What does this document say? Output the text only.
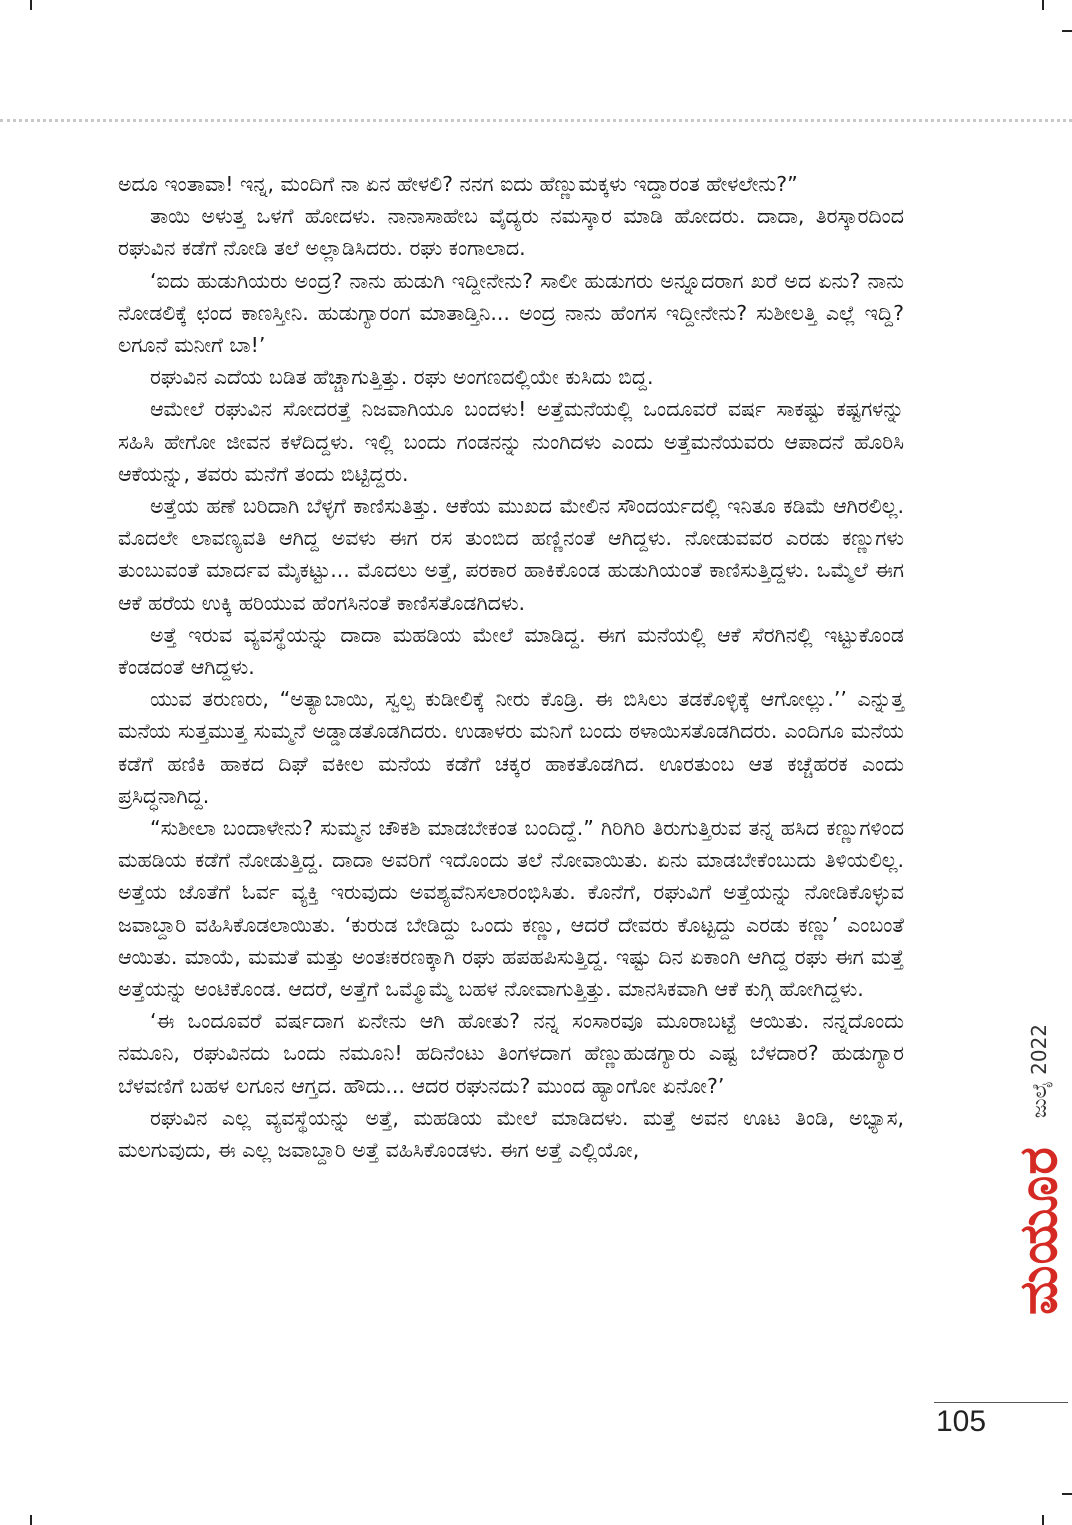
ಅದೂ ಇಂತಾವಾ! ಇನ್ನ, ಮಂದಿಗೆ ನಾ ಏನ ಹೇಳಲಿ? ನನಗ ಐದು ಹೆಣ್ಣುಮಕ್ಕಳು ಇದ್ದಾರಂತ ಹೇಳಲೇನು?”

ತಾಯಿ ಅಳುತ್ತ ಒಳಗೆ ಹೋದಳು. ನಾನಾಸಾಹೇಬ ವೈದ್ಯರು ನಮಸ್ಕಾರ ಮಾಡಿ ಹೋದರು. ದಾದಾ, ತಿರಸ್ಕಾರದಿಂದ ರಘುವಿನ ಕಡೆಗೆ ನೋಡಿ ತಲೆ ಅಲ್ಲಾಡಿಸಿದರು. ರಘು ಕಂಗಾಲಾದ.

‘ಐದು ಹುಡುಗಿಯರು ಅಂದ್ರ? ನಾನು ಹುಡುಗಿ ಇದ್ದೀನೇನು? ಸಾಲೀ ಹುಡುಗರು ಅನ್ನೂದರಾಗ ಖರೆ ಅದ ಏನು? ನಾನು ನೋಡಲಿಕ್ಕೆ ಛಂದ ಕಾಣಸ್ತೀನಿ. ಹುಡುಗ್ಯಾರಂಗ ಮಾತಾಡ್ತಿನಿ... ಅಂದ್ರ ನಾನು ಹೆಂಗಸ ಇದ್ದೀನೇನು? ಸುಶೀಲತ್ತಿ ಎಲ್ಲೆ ಇದ್ದಿ? ಲಗೂನೆ ಮನೀಗೆ ಬಾ!’

ರಘುವಿನ ಎದೆಯ ಬಡಿತ ಹೆಚ್ಚಾಗುತ್ತಿತ್ತು. ರಘು ಅಂಗಣದಲ್ಲಿಯೇ ಕುಸಿದು ಬಿದ್ದ.

ಆಮೇಲೆ ರಘುವಿನ ಸೋದರತ್ತೆ ನಿಜವಾಗಿಯೂ ಬಂದಳು! ಅತ್ತೆಮನೆಯಲ್ಲಿ ಒಂದೂವರೆ ವರ್ಷ ಸಾಕಷ್ಟು ಕಷ್ಟಗಳನ್ನು ಸಹಿಸಿ ಹೇಗೋ ಜೀವನ ಕಳೆದಿದ್ದಳು. ಇಲ್ಲಿ ಬಂದು ಗಂಡನನ್ನು ನುಂಗಿದಳು ಎಂದು ಅತ್ತೆಮನೆಯವರು ಆಪಾದನೆ ಹೊರಿಸಿ ಆಕೆಯನ್ನು, ತವರು ಮನೆಗೆ ತಂದು ಬಿಟ್ಟಿದ್ದರು.

ಅತ್ತೆಯ ಹಣೆ ಬರಿದಾಗಿ ಬೆಳ್ಳಗೆ ಕಾಣಿಸುತಿತ್ತು. ಆಕೆಯ ಮುಖದ ಮೇಲಿನ ಸೌಂದರ್ಯದಲ್ಲಿ ಇನಿತೂ ಕಡಿಮೆ ಆಗಿರಲಿಲ್ಲ. ಮೊದಲೇ ಲಾವಣ್ಯವತಿ ಆಗಿದ್ದ ಅವಳು ಈಗ ರಸ ತುಂಬಿದ ಹಣ್ಣಿನಂತೆ ಆಗಿದ್ದಳು. ನೋಡುವವರ ಎರಡು ಕಣ್ಣುಗಳು ತುಂಬುವಂತೆ ಮಾರ್ದವ ಮೈಕಟ್ಟು... ಮೊದಲು ಅತ್ತೆ, ಪರಕಾರ ಹಾಕಿಕೊಂಡ ಹುಡುಗಿಯಂತೆ ಕಾಣಿಸುತ್ತಿದ್ದಳು. ಒಮ್ಮೆಲೆ ಈಗ ಆಕೆ ಹರೆಯ ಉಕ್ಕಿ ಹರಿಯುವ ಹೆಂಗಸಿನಂತೆ ಕಾಣಿಸತೊಡಗಿದಳು.

ಅತ್ತೆ ಇರುವ ವ್ಯವಸ್ಥೆಯನ್ನು ದಾದಾ ಮಹಡಿಯ ಮೇಲೆ ಮಾಡಿದ್ದ. ಈಗ ಮನೆಯಲ್ಲಿ ಆಕೆ ಸೆರಗಿನಲ್ಲಿ ಇಟ್ಟುಕೊಂಡ ಕೆಂಡದಂತೆ ಆಗಿದ್ದಳು.

ಯುವ ತರುಣರು, “ಅತ್ಯಾಬಾಯಿ, ಸ್ವಲ್ಪ ಕುಡೀಲಿಕ್ಕೆ ನೀರು ಕೊಡ್ರಿ. ಈ ಬಿಸಿಲು ತಡಕೊಳ್ಳಿಕ್ಕೆ ಆಗೋಲ್ಲು.’’ ಎನ್ನುತ್ತ ಮನೆಯ ಸುತ್ತಮುತ್ತ ಸುಮ್ಮನೆ ಅಡ್ಡಾಡತೊಡಗಿದರು. ಉಡಾಳರು ಮನಿಗೆ ಬಂದು ಠಳಾಯಿಸತೊಡಗಿದರು. ಎಂದಿಗೂ ಮನೆಯ ಕಡೆಗೆ ಹಣಿಕಿ ಹಾಕದ ದಿಘೆ ವಕೀಲ ಮನೆಯ ಕಡೆಗೆ ಚಕ್ಕರ ಹಾಕತೊಡಗಿದ. ಊರತುಂಬ ಆತ ಕಚ್ಚೆಹರಕ ಎಂದು ಪ್ರಸಿದ್ಧನಾಗಿದ್ದ.

“ಸುಶೀಲಾ ಬಂದಾಳೇನು? ಸುಮ್ಮನ ಚೌಕಶಿ ಮಾಡಬೇಕಂತ ಬಂದಿದ್ದೆ.” ಗಿರಿಗಿರಿ ತಿರುಗುತ್ತಿರುವ ತನ್ನ ಹಸಿದ ಕಣ್ಣುಗಳಿಂದ ಮಹಡಿಯ ಕಡೆಗೆ ನೋಡುತ್ತಿದ್ದ. ದಾದಾ ಅವರಿಗೆ ಇದೊಂದು ತಲೆ ನೋವಾಯಿತು. ಏನು ಮಾಡಬೇಕೆಂಬುದು ತಿಳಿಯಲಿಲ್ಲ. ಅತ್ತೆಯ ಜೊತೆಗೆ ಓರ್ವ ವ್ಯಕ್ತಿ ಇರುವುದು ಅವಶ್ಯವೆನಿಸಲಾರಂಭಿಸಿತು. ಕೊನೆಗೆ, ರಘುವಿಗೆ ಅತ್ತೆಯನ್ನು ನೋಡಿಕೊಳ್ಳುವ ಜವಾಬ್ದಾರಿ ವಹಿಸಿಕೊಡಲಾಯಿತು. ‘ಕುರುಡ ಬೇಡಿದ್ದು ಒಂದು ಕಣ್ಣು, ಆದರೆ ದೇವರು ಕೊಟ್ಟದ್ದು ಎರಡು ಕಣ್ಣು’ ಎಂಬಂತೆ ಆಯಿತು. ಮಾಯೆ, ಮಮತೆ ಮತ್ತು ಅಂತಃಕರಣಕ್ಕಾಗಿ ರಘು ಹಪಹಪಿಸುತ್ತಿದ್ದ. ಇಷ್ಟು ದಿನ ಏಕಾಂಗಿ ಆಗಿದ್ದ ರಘು ಈಗ ಮತ್ತೆ ಅತ್ತೆಯನ್ನು ಅಂಟಿಕೊಂಡ. ಆದರೆ, ಅತ್ತೆಗೆ ಒಮ್ಮೊಮ್ಮೆ ಬಹಳ ನೋವಾಗುತ್ತಿತ್ತು. ಮಾನಸಿಕವಾಗಿ ಆಕೆ ಕುಗ್ಗಿ ಹೋಗಿದ್ದಳು.

‘ಈ ಒಂದೂವರೆ ವರ್ಷದಾಗ ಏನೇನು ಆಗಿ ಹೋತು? ನನ್ನ ಸಂಸಾರವೂ ಮೂರಾಬಟ್ಟೆ ಆಯಿತು. ನನ್ನದೊಂದು ನಮೂನಿ, ರಘುವಿನದು ಒಂದು ನಮೂನಿ! ಹದಿನೆಂಟು ತಿಂಗಳದಾಗ ಹೆಣ್ಣುಹುಡಗ್ಯಾರು ಎಷ್ಟ ಬೆಳದಾರ? ಹುಡುಗ್ಯಾರ ಬೆಳವಣಿಗೆ ಬಹಳ ಲಗೂನ ಆಗ್ತದ. ಹೌದು... ಆದರ ರಘುನದು? ಮುಂದ ಹ್ಯಾಂಗೋ ಏನೋ?’

ರಘುವಿನ ಎಲ್ಲ ವ್ಯವಸ್ಥೆಯನ್ನು ಅತ್ತೆ, ಮಹಡಿಯ ಮೇಲೆ ಮಾಡಿದಳು. ಮತ್ತೆ ಅವನ ಊಟ ತಿಂಡಿ, ಅಭ್ಯಾಸ, ಮಲಗುವುದು, ಈ ಎಲ್ಲ ಜವಾಬ್ದಾರಿ ಅತ್ತೆ ವಹಿಸಿಕೊಂಡಳು. ಈಗ ಅತ್ತೆ ಎಲ್ಲಿಯೋ,	ಮಯೂರ
ಜುಲೈ 2022
105
